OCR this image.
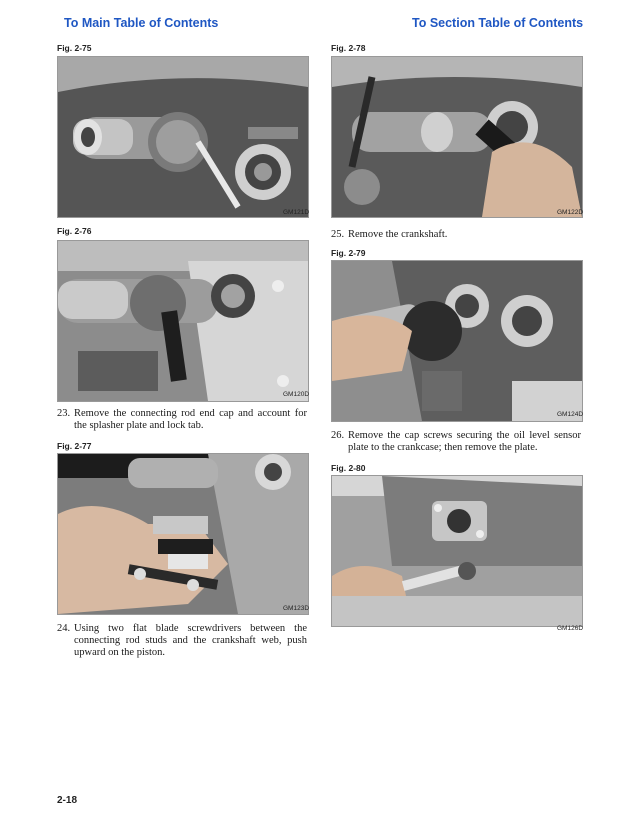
To Main Table of Contents	To Section Table of Contents
Fig. 2-75
GM121D
Fig. 2-76
GM120D
23. Remove the connecting rod end cap and account for the splasher plate and lock tab.
Fig. 2-77
GM123D
24. Using two flat blade screwdrivers between the connecting rod studs and the crankshaft web, push upward on the piston.
Fig. 2-78
GM122D
25. Remove the crankshaft.
Fig. 2-79
GM124D
26. Remove the cap screws securing the oil level sensor plate to the crankcase; then remove the plate.
Fig. 2-80
GM126D
2-18
